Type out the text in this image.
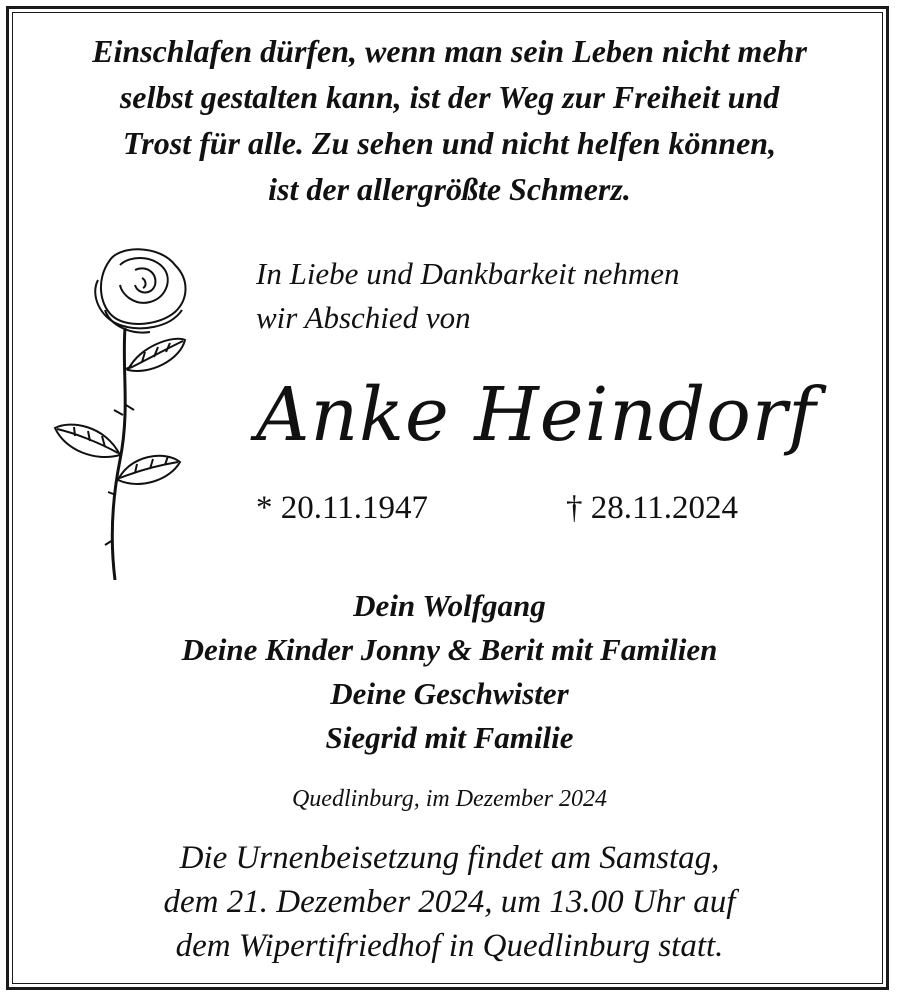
Einschlafen dürfen, wenn man sein Leben nicht mehr
selbst gestalten kann, ist der Weg zur Freiheit und
Trost für alle. Zu sehen und nicht helfen können,
ist der allergrößte Schmerz.
In Liebe und Dankbarkeit nehmen
wir Abschied von
Anke Heindorf
* 20.11.1947	† 28.11.2024
Dein Wolfgang
Deine Kinder Jonny & Berit mit Familien
Deine Geschwister
Siegrid mit Familie
Quedlinburg, im Dezember 2024
Die Urnenbeisetzung findet am Samstag,
dem 21. Dezember 2024, um 13.00 Uhr auf
dem Wipertifriedhof in Quedlinburg statt.
